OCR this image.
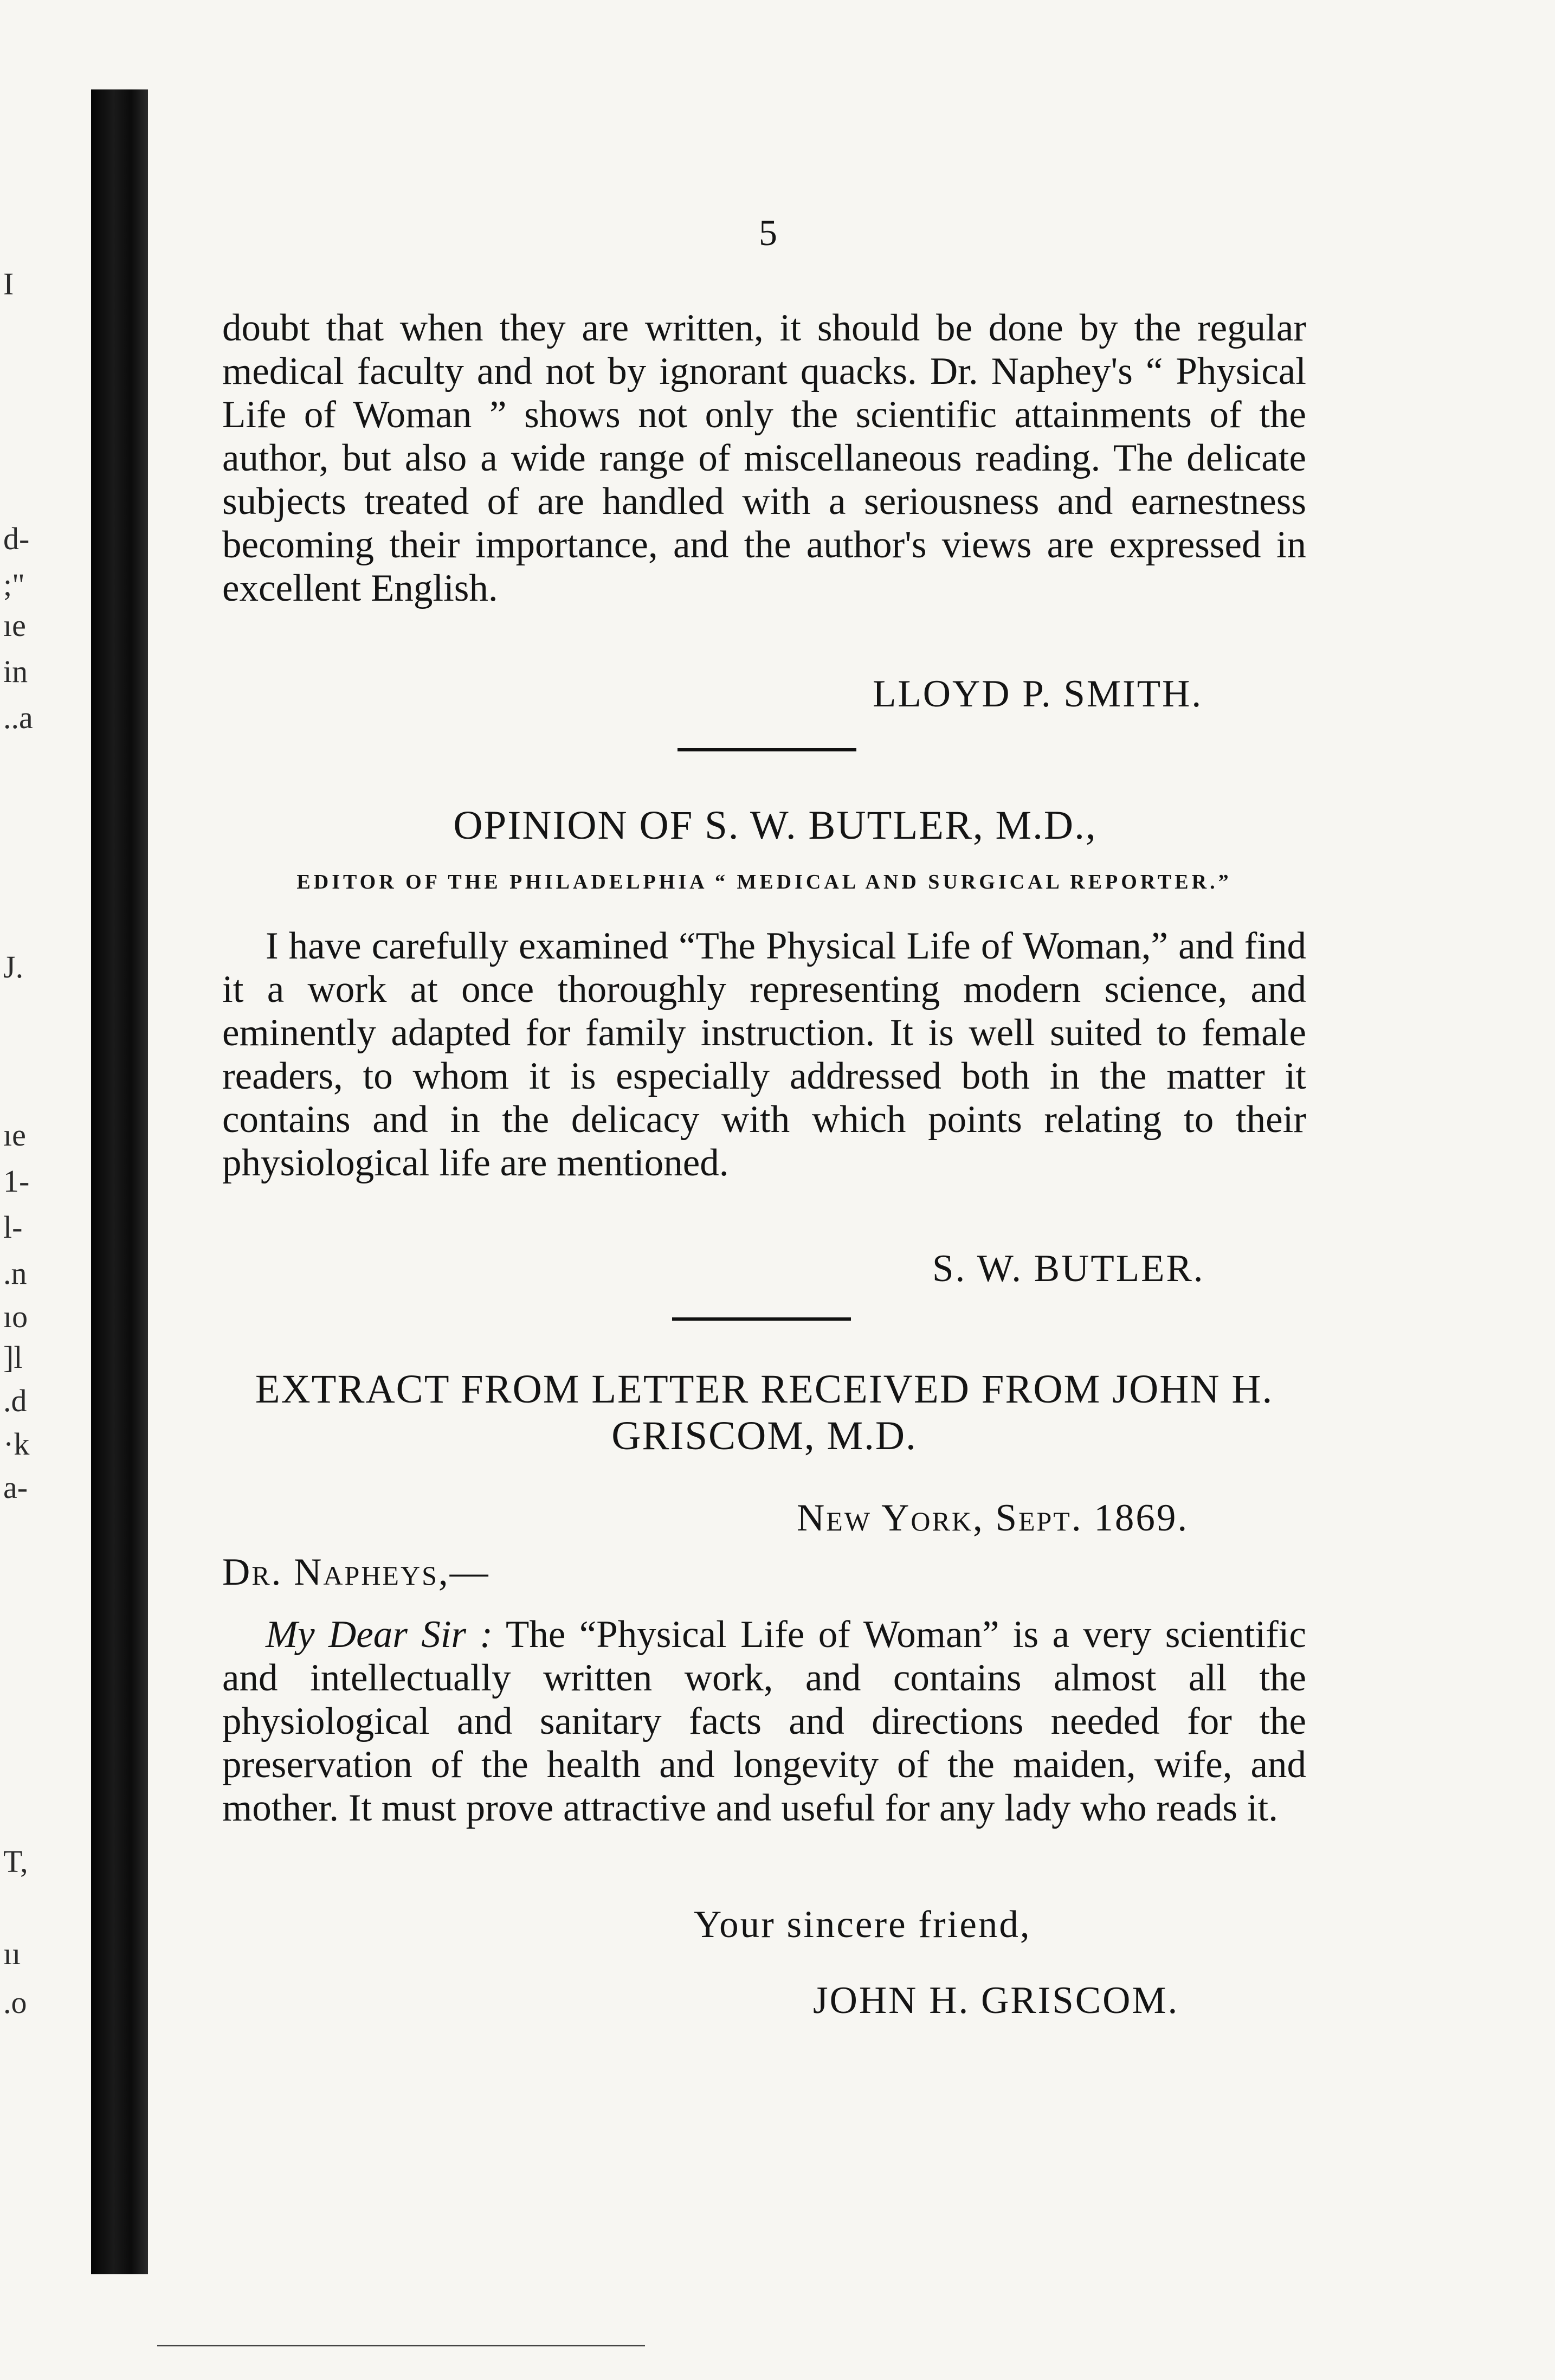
I
d-
;"
ıe
in
..a
J.
ıe
1-
l-
.n
ıo
]l
.d
·k
a-
T,
ıı
.o
5

doubt that when they are written, it should be done by the regular medical faculty and not by ignorant quacks. Dr. Naphey's “ Physical Life of Woman ” shows not only the scientific attainments of the author, but also a wide range of miscellaneous reading. The delicate subjects treated of are handled with a seriousness and earnestness becoming their importance, and the author's views are expressed in excellent English.

LLOYD P. SMITH.
OPINION OF S. W. BUTLER, M.D.,
EDITOR OF THE PHILADELPHIA “ MEDICAL AND SURGICAL REPORTER.”

I have carefully examined “The Physical Life of Woman,” and find it a work at once thoroughly representing modern science, and eminently adapted for family instruction. It is well suited to female readers, to whom it is especially addressed both in the matter it contains and in the delicacy with which points relating to their physiological life are mentioned.

S. W. BUTLER.
EXTRACT FROM LETTER RECEIVED FROM JOHN H. GRISCOM, M.D.
New York, Sept. 1869.
Dr. Napheys,—

My Dear Sir : The “Physical Life of Woman” is a very scientific and intellectually written work, and contains almost all the physiological and sanitary facts and directions needed for the preservation of the health and longevity of the maiden, wife, and mother. It must prove attractive and useful for any lady who reads it.

Your sincere friend,
JOHN H. GRISCOM.
